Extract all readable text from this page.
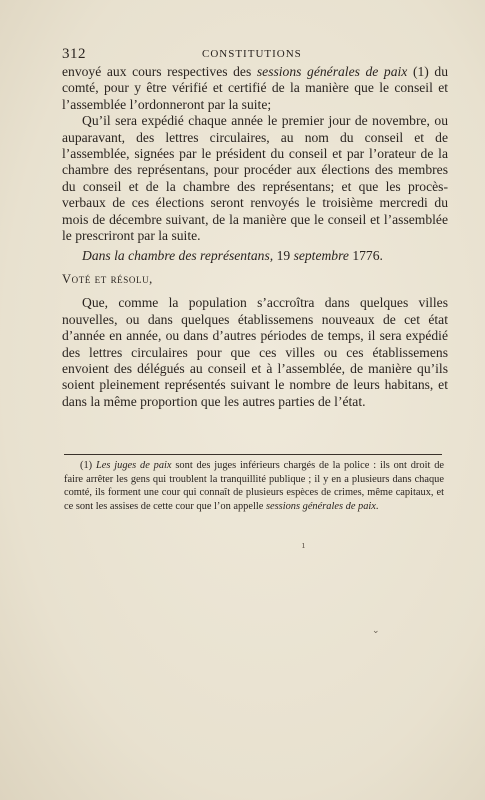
312	CONSTITUTIONS

envoyé aux cours respectives des sessions générales de paix (1) du comté, pour y être vérifié et certifié de la manière que le conseil et l’assemblée l’ordonneront par la suite;

Qu’il sera expédié chaque année le premier jour de novembre, ou auparavant, des lettres circulaires, au nom du conseil et de l’assemblée, signées par le président du conseil et par l’orateur de la chambre des représentans, pour procéder aux élections des membres du conseil et de la chambre des représentans; et que les procès-verbaux de ces élections seront renvoyés le troisième mercredi du mois de décembre suivant, de la manière que le conseil et l’assemblée le prescriront par la suite.

Dans la chambre des représentans, 19 septembre 1776.

Voté et résolu,

Que, comme la population s’accroîtra dans quelques villes nouvelles, ou dans quelques établissemens nouveaux de cet état d’année en année, ou dans d’autres périodes de temps, il sera expédié des lettres circulaires pour que ces villes ou ces établissemens envoient des délégués au conseil et à l’assemblée, de manière qu’ils soient pleinement représentés suivant le nombre de leurs habitans, et dans la même proportion que les autres parties de l’état.

(1) Les juges de paix sont des juges inférieurs chargés de la police : ils ont droit de faire arrêter les gens qui troublent la tranquillité publique ; il y en a plusieurs dans chaque comté, ils forment une cour qui connaît de plusieurs espèces de crimes, même capitaux, et ce sont les assises de cette cour que l’on appelle sessions générales de paix.

ı
⌄
